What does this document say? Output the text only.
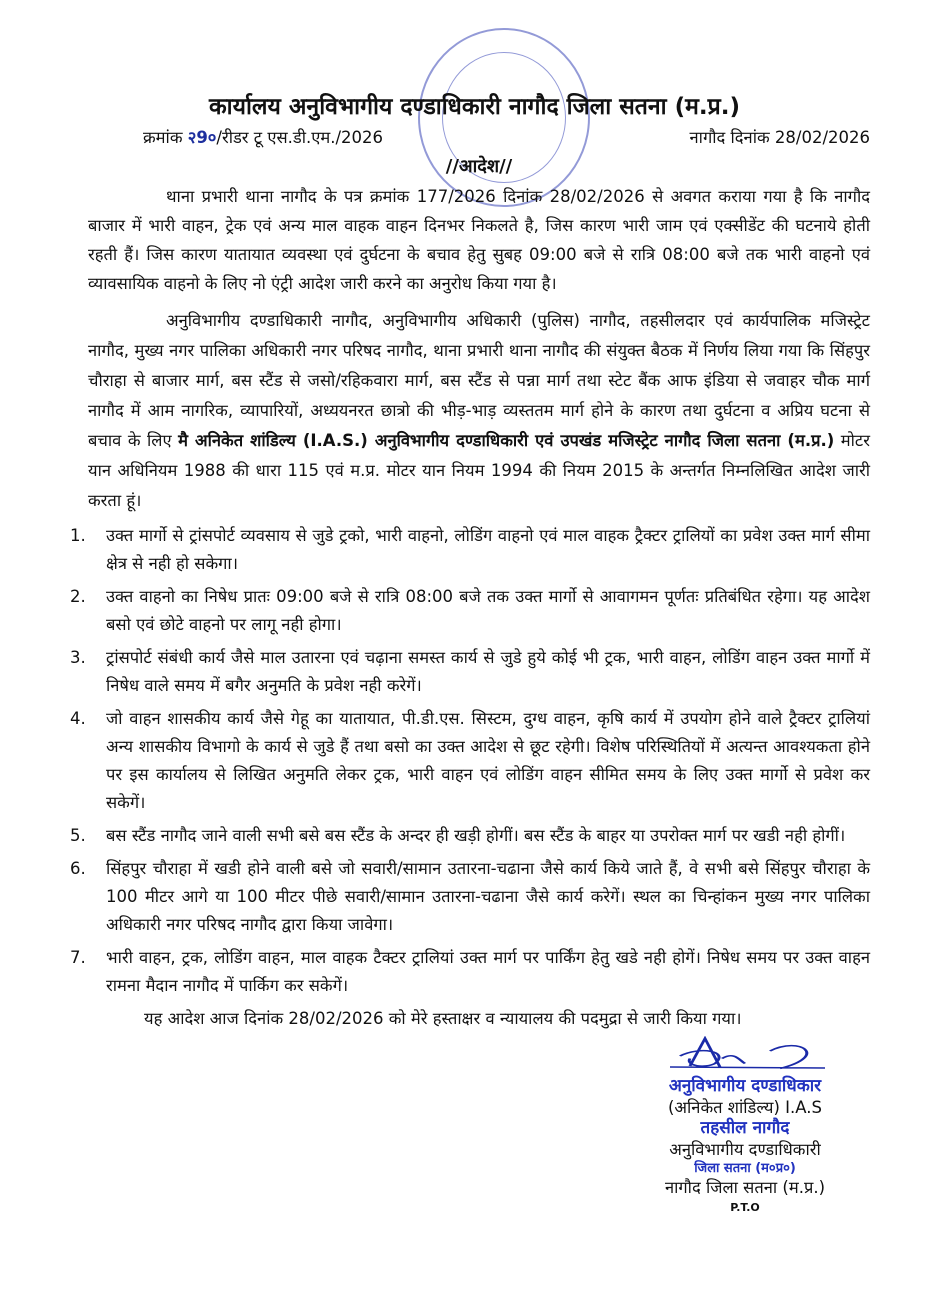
कार्यालय अनुविभागीय दण्डाधिकारी नागौद जिला सतना (म.प्र.)
क्रमांक २9०/रीडर टू एस.डी.एम./2026	नागौद दिनांक 28/02/2026
//आदेश//

थाना प्रभारी थाना नागौद के पत्र क्रमांक 177/2026 दिनांक 28/02/2026 से अवगत कराया गया है कि नागौद बाजार में भारी वाहन, ट्रेक एवं अन्य माल वाहक वाहन दिनभर निकलते है, जिस कारण भारी जाम एवं एक्सीडेंट की घटनाये होती रहती हैं। जिस कारण यातायात व्यवस्था एवं दुर्घटना के बचाव हेतु सुबह 09:00 बजे से रात्रि 08:00 बजे तक भारी वाहनो एवं व्यावसायिक वाहनो के लिए नो एंट्री आदेश जारी करने का अनुरोध किया गया है।

अनुविभागीय दण्डाधिकारी नागौद, अनुविभागीय अधिकारी (पुलिस) नागौद, तहसीलदार एवं कार्यपालिक मजिस्ट्रेट नागौद, मुख्य नगर पालिका अधिकारी नगर परिषद नागौद, थाना प्रभारी थाना नागौद की संयुक्त बैठक में निर्णय लिया गया कि सिंहपुर चौराहा से बाजार मार्ग, बस स्टैंड से जसो/रहिकवारा मार्ग, बस स्टैंड से पन्ना मार्ग तथा स्टेट बैंक आफ इंडिया से जवाहर चौक मार्ग नागौद में आम नागरिक, व्यापारियों, अध्ययनरत छात्रो की भीड़-भाड़ व्यस्ततम मार्ग होने के कारण तथा दुर्घटना व अप्रिय घटना से बचाव के लिए मै अनिकेत शांडिल्य (I.A.S.) अनुविभागीय दण्डाधिकारी एवं उपखंड मजिस्ट्रेट नागौद जिला सतना (म.प्र.) मोटर यान अधिनियम 1988 की धारा 115 एवं म.प्र. मोटर यान नियम 1994 की नियम 2015 के अन्तर्गत निम्नलिखित आदेश जारी करता हूं।

1.	उक्त मार्गो से ट्रांसपोर्ट व्यवसाय से जुडे ट्रको, भारी वाहनो, लोडिंग वाहनो एवं माल वाहक ट्रैक्टर ट्रालियों का प्रवेश उक्त मार्ग सीमा क्षेत्र से नही हो सकेगा।
2.	उक्त वाहनो का निषेध प्रातः 09:00 बजे से रात्रि 08:00 बजे तक उक्त मार्गो से आवागमन पूर्णतः प्रतिबंधित रहेगा। यह आदेश बसो एवं छोटे वाहनो पर लागू नही होगा।
3.	ट्रांसपोर्ट संबंधी कार्य जैसे माल उतारना एवं चढ़ाना समस्त कार्य से जुडे हुये कोई भी ट्रक, भारी वाहन, लोडिंग वाहन उक्त मार्गो में निषेध वाले समय में बगैर अनुमति के प्रवेश नही करेगें।
4.	जो वाहन शासकीय कार्य जैसे गेहू का यातायात, पी.डी.एस. सिस्टम, दुग्ध वाहन, कृषि कार्य में उपयोग होने वाले ट्रैक्टर ट्रालियां अन्य शासकीय विभागो के कार्य से जुडे हैं तथा बसो का उक्त आदेश से छूट रहेगी। विशेष परिस्थितियों में अत्यन्त आवश्यकता होने पर इस कार्यालय से लिखित अनुमति लेकर ट्रक, भारी वाहन एवं लोडिंग वाहन सीमित समय के लिए उक्त मार्गो से प्रवेश कर सकेगें।
5.	बस स्टैंड नागौद जाने वाली सभी बसे बस स्टैंड के अन्दर ही खड़ी होगीं। बस स्टैंड के बाहर या उपरोक्त मार्ग पर खडी नही होगीं।
6.	सिंहपुर चौराहा में खडी होने वाली बसे जो सवारी/सामान उतारना-चढाना जैसे कार्य किये जाते हैं, वे सभी बसे सिंहपुर चौराहा के 100 मीटर आगे या 100 मीटर पीछे सवारी/सामान उतारना-चढाना जैसे कार्य करेगें। स्थल का चिन्हांकन मुख्य नगर पालिका अधिकारी नगर परिषद नागौद द्वारा किया जावेगा।
7.	भारी वाहन, ट्रक, लोडिंग वाहन, माल वाहक टैक्टर ट्रालियां उक्त मार्ग पर पार्किंग हेतु खडे नही होगें। निषेध समय पर उक्त वाहन रामना मैदान नागौद में पार्किग कर सकेगें।
यह आदेश आज दिनांक 28/02/2026 को मेरे हस्ताक्षर व न्यायालय की पदमुद्रा से जारी किया गया।
अनुविभागीय दण्डाधिकार
(अनिकेत शांडिल्य) I.A.S
तहसील नागौद
अनुविभागीय दण्डाधिकारी
जिला सतना (म०प्र०)
नागौद जिला सतना (म.प्र.)
P.T.O
